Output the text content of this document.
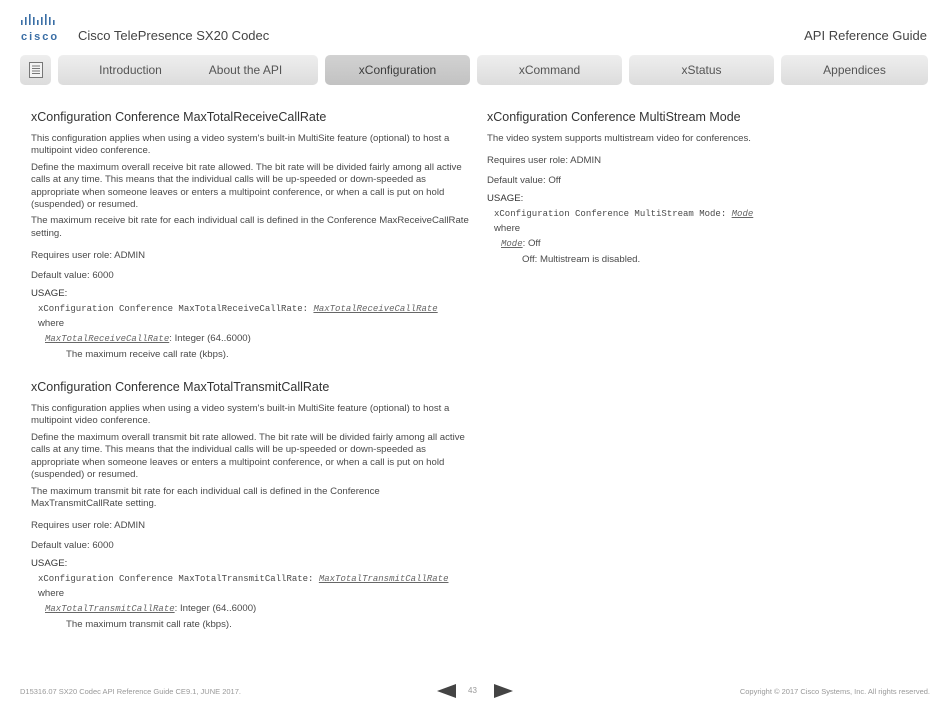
cisco Cisco TelePresence SX20 Codec	API Reference Guide
Introduction	About the API	xConfiguration	xCommand	xStatus	Appendices
xConfiguration Conference MaxTotalReceiveCallRate

This configuration applies when using a video system's built-in MultiSite feature (optional) to host a multipoint video conference.

Define the maximum overall receive bit rate allowed. The bit rate will be divided fairly among all active calls at any time. This means that the individual calls will be up-speeded or down-speeded as appropriate when someone leaves or enters a multipoint conference, or when a call is put on hold (suspended) or resumed.

The maximum receive bit rate for each individual call is defined in the Conference MaxReceiveCallRate setting.

Requires user role: ADMIN

Default value: 6000

USAGE:
xConfiguration Conference MaxTotalReceiveCallRate: MaxTotalReceiveCallRate
where
MaxTotalReceiveCallRate: Integer (64..6000)
The maximum receive call rate (kbps).
xConfiguration Conference MaxTotalTransmitCallRate

This configuration applies when using a video system's built-in MultiSite feature (optional) to host a multipoint video conference.

Define the maximum overall transmit bit rate allowed. The bit rate will be divided fairly among all active calls at any time. This means that the individual calls will be up-speeded or down-speeded as appropriate when someone leaves or enters a multipoint conference, or when a call is put on hold (suspended) or resumed.

The maximum transmit bit rate for each individual call is defined in the Conference MaxTransmitCallRate setting.

Requires user role: ADMIN

Default value: 6000

USAGE:
xConfiguration Conference MaxTotalTransmitCallRate: MaxTotalTransmitCallRate
where
MaxTotalTransmitCallRate: Integer (64..6000)
The maximum transmit call rate (kbps).
xConfiguration Conference MultiStream Mode

The video system supports multistream video for conferences.

Requires user role: ADMIN

Default value: Off

USAGE:
xConfiguration Conference MultiStream Mode: Mode
where
Mode: Off
Off: Multistream is disabled.
D15316.07 SX20 Codec API Reference Guide CE9.1, JUNE 2017.	43	Copyright © 2017 Cisco Systems, Inc. All rights reserved.
